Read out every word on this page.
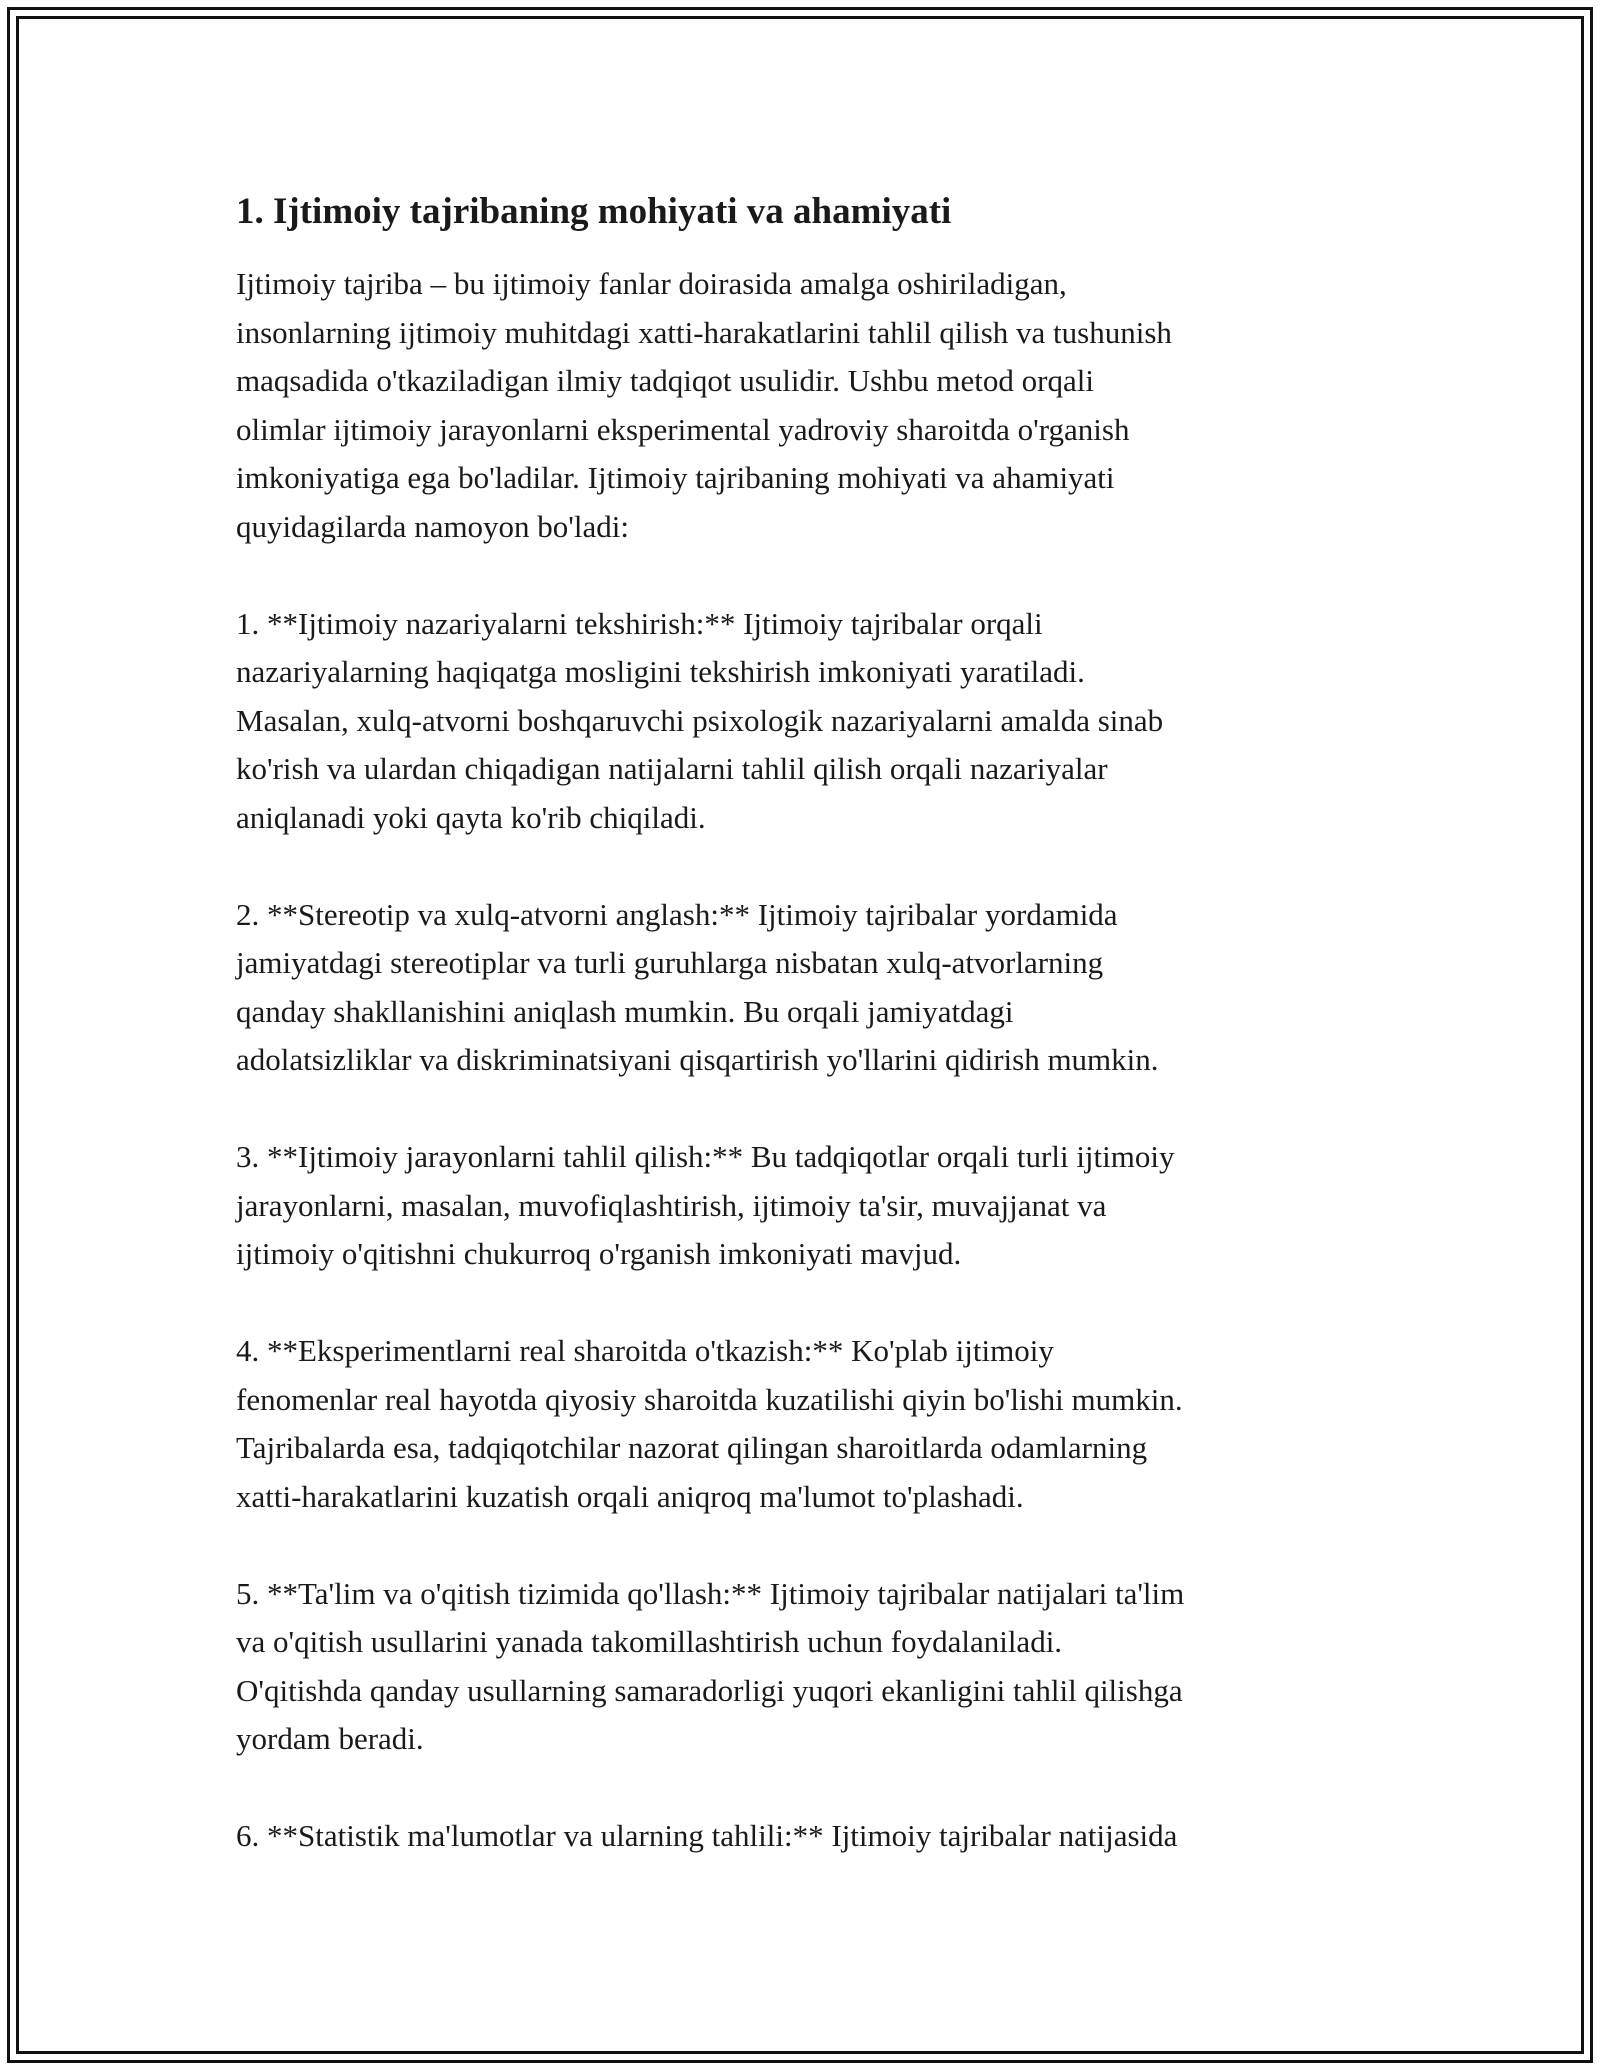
1. Ijtimoiy tajribaning mohiyati va ahamiyati

Ijtimoiy tajriba – bu ijtimoiy fanlar doirasida amalga oshiriladigan,
insonlarning ijtimoiy muhitdagi xatti-harakatlarini tahlil qilish va tushunish
maqsadida o'tkaziladigan ilmiy tadqiqot usulidir. Ushbu metod orqali
olimlar ijtimoiy jarayonlarni eksperimental yadroviy sharoitda o'rganish
imkoniyatiga ega bo'ladilar. Ijtimoiy tajribaning mohiyati va ahamiyati
quyidagilarda namoyon bo'ladi:

1. **Ijtimoiy nazariyalarni tekshirish:** Ijtimoiy tajribalar orqali
nazariyalarning haqiqatga mosligini tekshirish imkoniyati yaratiladi.
Masalan, xulq-atvorni boshqaruvchi psixologik nazariyalarni amalda sinab
ko'rish va ulardan chiqadigan natijalarni tahlil qilish orqali nazariyalar
aniqlanadi yoki qayta ko'rib chiqiladi.

2. **Stereotip va xulq-atvorni anglash:** Ijtimoiy tajribalar yordamida
jamiyatdagi stereotiplar va turli guruhlarga nisbatan xulq-atvorlarning
qanday shakllanishini aniqlash mumkin. Bu orqali jamiyatdagi
adolatsizliklar va diskriminatsiyani qisqartirish yo'llarini qidirish mumkin.

3. **Ijtimoiy jarayonlarni tahlil qilish:** Bu tadqiqotlar orqali turli ijtimoiy
jarayonlarni, masalan, muvofiqlashtirish, ijtimoiy ta'sir, muvajjanat va
ijtimoiy o'qitishni chukurroq o'rganish imkoniyati mavjud.

4. **Eksperimentlarni real sharoitda o'tkazish:** Ko'plab ijtimoiy
fenomenlar real hayotda qiyosiy sharoitda kuzatilishi qiyin bo'lishi mumkin.
Tajribalarda esa, tadqiqotchilar nazorat qilingan sharoitlarda odamlarning
xatti-harakatlarini kuzatish orqali aniqroq ma'lumot to'plashadi.

5. **Ta'lim va o'qitish tizimida qo'llash:** Ijtimoiy tajribalar natijalari ta'lim
va o'qitish usullarini yanada takomillashtirish uchun foydalaniladi.
O'qitishda qanday usullarning samaradorligi yuqori ekanligini tahlil qilishga
yordam beradi.

6. **Statistik ma'lumotlar va ularning tahlili:** Ijtimoiy tajribalar natijasida
